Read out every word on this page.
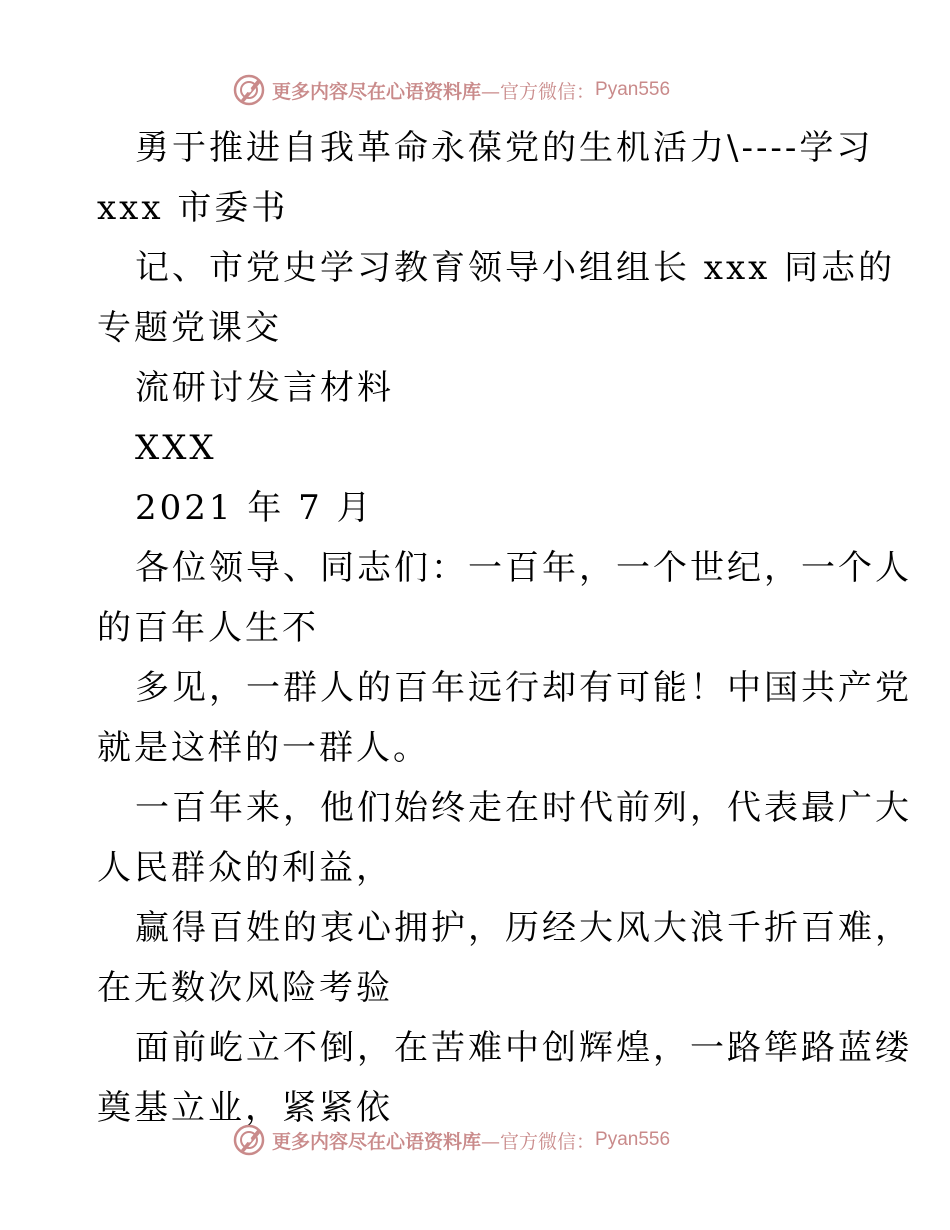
更多内容尽在心语资料库 —官方微信： Pyan556
勇于推进自我革命永葆党的生机活力\----学习
xxx 市委书
记、市党史学习教育领导小组组长 xxx 同志的
专题党课交
流研讨发言材料
XXX
2021 年 7 月
各位领导、同志们：一百年，一个世纪，一个人
的百年人生不
多见，一群人的百年远行却有可能！中国共产党
就是这样的一群人。
一百年来，他们始终走在时代前列，代表最广大
人民群众的利益，
赢得百姓的衷心拥护，历经大风大浪千折百难，
在无数次风险考验
面前屹立不倒，在苦难中创辉煌，一路筚路蓝缕
奠基立业，紧紧依
更多内容尽在心语资料库 —官方微信： Pyan556
